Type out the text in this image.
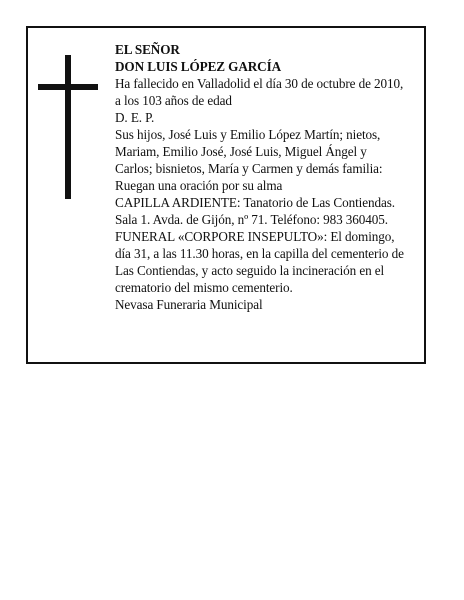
EL SEÑOR

DON LUIS LÓPEZ GARCÍA

Ha fallecido en Valladolid el día 30 de octubre de 2010,

a los 103 años de edad

D. E. P.

Sus hijos, José Luis y Emilio López Martín; nietos,

Mariam, Emilio José, José Luis, Miguel Ángel y

Carlos; bisnietos, María y Carmen y demás familia:

Ruegan una oración por su alma

CAPILLA ARDIENTE: Tanatorio de Las Contiendas.

Sala 1. Avda. de Gijón, nº 71. Teléfono: 983 360405.

FUNERAL «CORPORE INSEPULTO»: El domingo,

día 31, a las 11.30 horas, en la capilla del cementerio de

Las Contiendas, y acto seguido la incineración en el

crematorio del mismo cementerio.

Nevasa Funeraria Municipal
